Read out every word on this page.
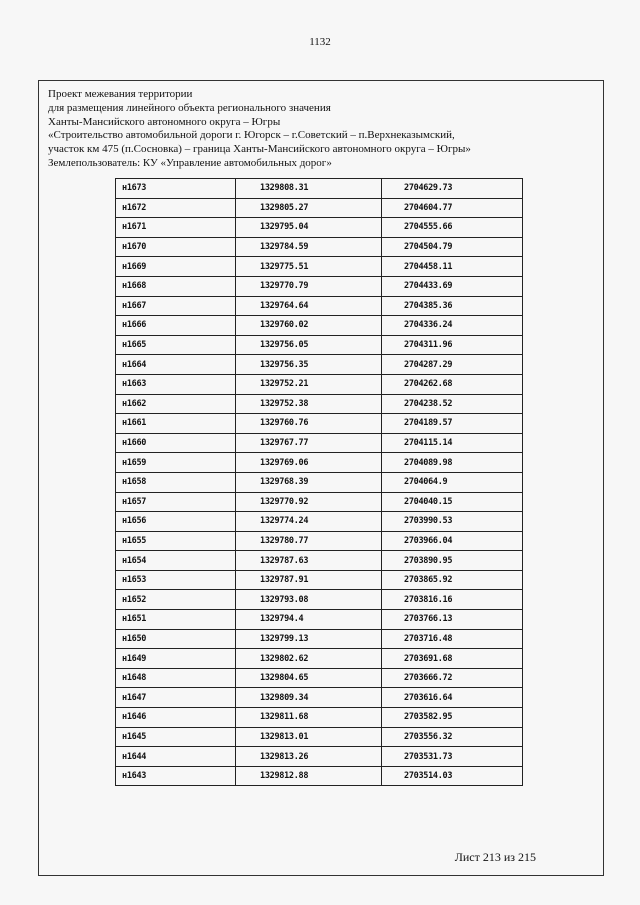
1132
Проект межевания территории
для размещения линейного объекта регионального значения
Ханты-Мансийского автономного округа – Югры
«Строительство автомобильной дороги г. Югорск – г.Советский – п.Верхнеказымский,
участок км 475 (п.Сосновка) – граница Ханты-Мансийского автономного округа – Югры»
Землепользователь: КУ «Управление автомобильных дорог»
н1673	1329808.31	2704629.73
н1672	1329805.27	2704604.77
н1671	1329795.04	2704555.66
н1670	1329784.59	2704504.79
н1669	1329775.51	2704458.11
н1668	1329770.79	2704433.69
н1667	1329764.64	2704385.36
н1666	1329760.02	2704336.24
н1665	1329756.05	2704311.96
н1664	1329756.35	2704287.29
н1663	1329752.21	2704262.68
н1662	1329752.38	2704238.52
н1661	1329760.76	2704189.57
н1660	1329767.77	2704115.14
н1659	1329769.06	2704089.98
н1658	1329768.39	2704064.9
н1657	1329770.92	2704040.15
н1656	1329774.24	2703990.53
н1655	1329780.77	2703966.04
н1654	1329787.63	2703890.95
н1653	1329787.91	2703865.92
н1652	1329793.08	2703816.16
н1651	1329794.4	2703766.13
н1650	1329799.13	2703716.48
н1649	1329802.62	2703691.68
н1648	1329804.65	2703666.72
н1647	1329809.34	2703616.64
н1646	1329811.68	2703582.95
н1645	1329813.01	2703556.32
н1644	1329813.26	2703531.73
н1643	1329812.88	2703514.03
Лист 213 из 215
